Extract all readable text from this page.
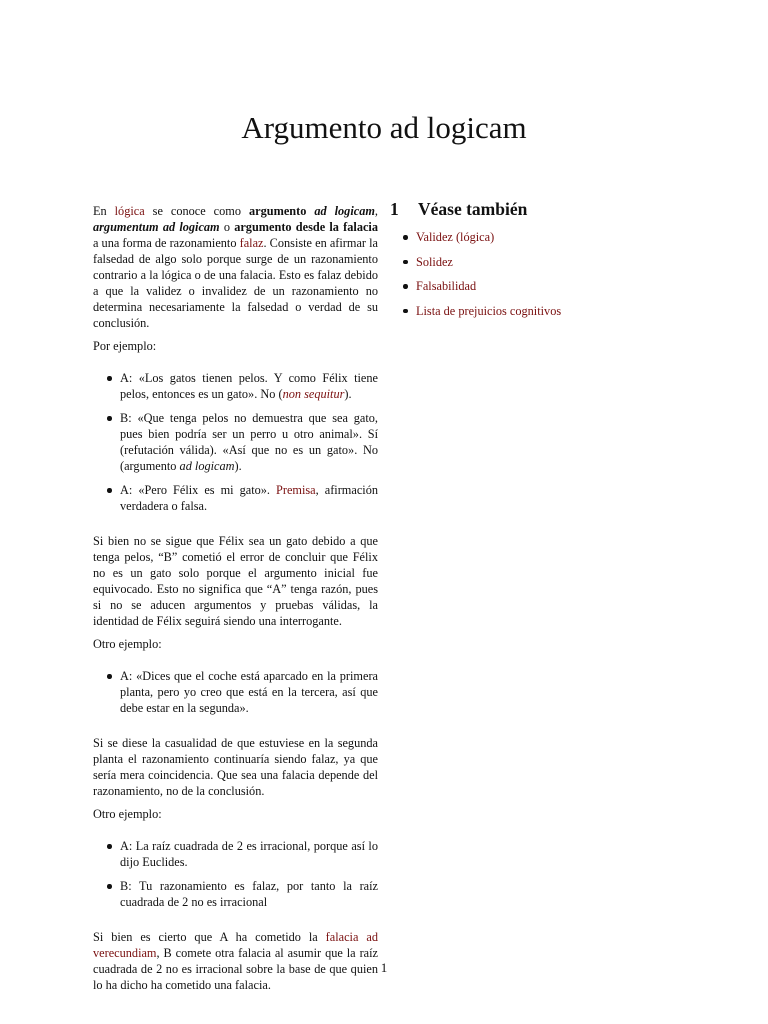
Argumento ad logicam

En lógica se conoce como argumento ad logicam, argumentum ad logicam o argumento desde la falacia a una forma de razonamiento falaz. Consiste en afirmar la falsedad de algo solo porque surge de un razonamiento contrario a la lógica o de una falacia. Esto es falaz debido a que la validez o invalidez de un razonamiento no determina necesariamente la falsedad o verdad de su conclusión.

Por ejemplo:

A: «Los gatos tienen pelos. Y como Félix tiene pelos, entonces es un gato». No (non sequitur).
B: «Que tenga pelos no demuestra que sea gato, pues bien podría ser un perro u otro animal». Sí (refutación válida). «Así que no es un gato». No (argumento ad logicam).
A: «Pero Félix es mi gato». Premisa, afirmación verdadera o falsa.

Si bien no se sigue que Félix sea un gato debido a que tenga pelos, “B” cometió el error de concluir que Félix no es un gato solo porque el argumento inicial fue equivocado. Esto no significa que “A” tenga razón, pues si no se aducen argumentos y pruebas válidas, la identidad de Félix seguirá siendo una interrogante.

Otro ejemplo:

A: «Dices que el coche está aparcado en la primera planta, pero yo creo que está en la tercera, así que debe estar en la segunda».

Si se diese la casualidad de que estuviese en la segunda planta el razonamiento continuaría siendo falaz, ya que sería mera coincidencia. Que sea una falacia depende del razonamiento, no de la conclusión.

Otro ejemplo:

A: La raíz cuadrada de 2 es irracional, porque así lo dijo Euclides.
B: Tu razonamiento es falaz, por tanto la raíz cuadrada de 2 no es irracional

Si bien es cierto que A ha cometido la falacia ad verecundiam, B comete otra falacia al asumir que la raíz cuadrada de 2 no es irracional sobre la base de que quien lo ha dicho ha cometido una falacia.

1	Véase también
Validez (lógica)
Solidez
Falsabilidad
Lista de prejuicios cognitivos
1
